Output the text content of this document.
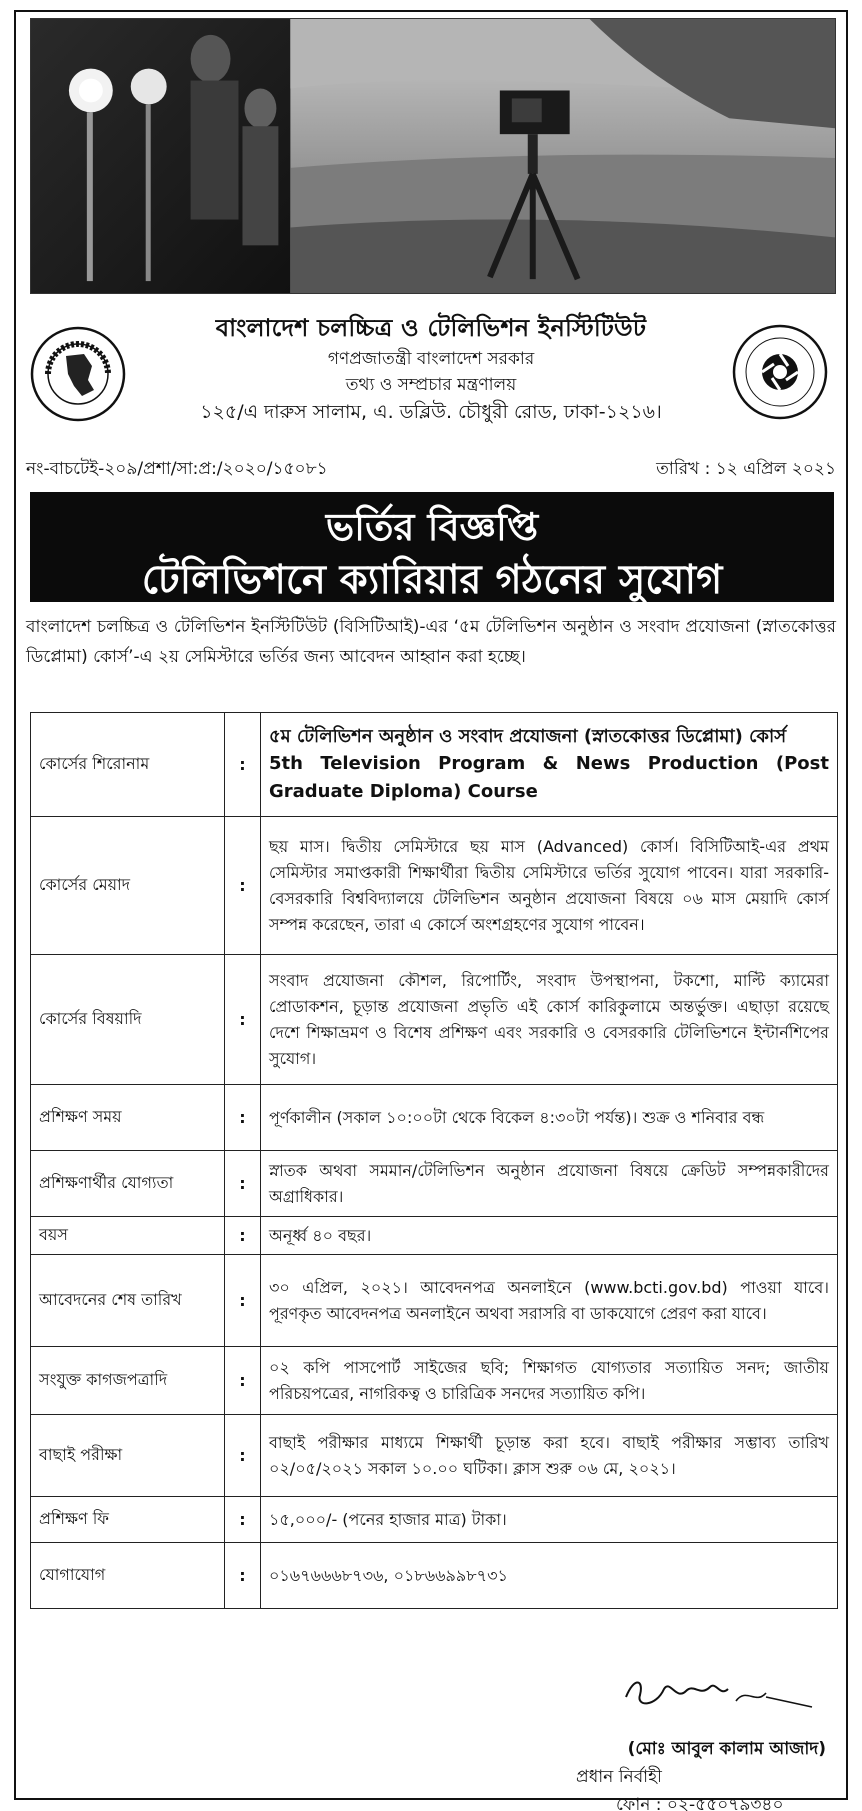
বাংলাদেশ চলচ্চিত্র ও টেলিভিশন ইনস্টিটিউট
গণপ্রজাতন্ত্রী বাংলাদেশ সরকার
তথ্য ও সম্প্রচার মন্ত্রণালয়
১২৫/এ দারুস সালাম, এ. ডব্লিউ. চৌধুরী রোড, ঢাকা-১২১৬।
নং-বাচটেই-২০৯/প্রশা/সা:প্র:/২০২০/১৫০৮১	তারিখ : ১২ এপ্রিল ২০২১
ভর্তির বিজ্ঞপ্তি
টেলিভিশনে ক্যারিয়ার গঠনের সুযোগ
বাংলাদেশ চলচ্চিত্র ও টেলিভিশন ইনস্টিটিউট (বিসিটিআই)-এর ‘৫ম টেলিভিশন অনুষ্ঠান ও সংবাদ প্রযোজনা (স্নাতকোত্তর ডিপ্লোমা) কোর্স’-এ ২য় সেমিস্টারে ভর্তির জন্য আবেদন আহ্বান করা হচ্ছে।
কোর্সের শিরোনাম	:	৫ম টেলিভিশন অনুষ্ঠান ও সংবাদ প্রযোজনা (স্নাতকোত্তর ডিপ্লোমা) কোর্স
5th Television Program & News Production (Post Graduate Diploma) Course

কোর্সের মেয়াদ	:	ছয় মাস। দ্বিতীয় সেমিস্টারে ছয় মাস (Advanced) কোর্স। বিসিটিআই-এর প্রথম সেমিস্টার সমাপ্তকারী শিক্ষার্থীরা দ্বিতীয় সেমিস্টারে ভর্তির সুযোগ পাবেন। যারা সরকারি-বেসরকারি বিশ্ববিদ্যালয়ে টেলিভিশন অনুষ্ঠান প্রযোজনা বিষয়ে ০৬ মাস মেয়াদি কোর্স সম্পন্ন করেছেন, তারা এ কোর্সে অংশগ্রহণের সুযোগ পাবেন।
কোর্সের বিষয়াদি	:	সংবাদ প্রযোজনা কৌশল, রিপোর্টিং, সংবাদ উপস্থাপনা, টকশো, মাল্টি ক্যামেরা প্রোডাকশন, চূড়ান্ত প্রযোজনা প্রভৃতি এই কোর্স কারিকুলামে অন্তর্ভুক্ত। এছাড়া রয়েছে দেশে শিক্ষাভ্রমণ ও বিশেষ প্রশিক্ষণ এবং সরকারি ও বেসরকারি টেলিভিশনে ইন্টার্নশিপের সুযোগ।
প্রশিক্ষণ সময়	:	পূর্ণকালীন (সকাল ১০:০০টা থেকে বিকেল ৪:৩০টা পর্যন্ত)। শুক্র ও শনিবার বন্ধ
প্রশিক্ষণার্থীর যোগ্যতা	:	স্নাতক অথবা সমমান/টেলিভিশন অনুষ্ঠান প্রযোজনা বিষয়ে ক্রেডিট সম্পন্নকারীদের অগ্রাধিকার।
বয়স	:	অনূর্ধ্ব ৪০ বছর।
আবেদনের শেষ তারিখ	:	৩০ এপ্রিল, ২০২১। আবেদনপত্র অনলাইনে (www.bcti.gov.bd) পাওয়া যাবে। পূরণকৃত আবেদনপত্র অনলাইনে অথবা সরাসরি বা ডাকযোগে প্রেরণ করা যাবে।
সংযুক্ত কাগজপত্রাদি	:	০২ কপি পাসপোর্ট সাইজের ছবি; শিক্ষাগত যোগ্যতার সত্যায়িত সনদ; জাতীয় পরিচয়পত্রের, নাগরিকত্ব ও চারিত্রিক সনদের সত্যায়িত কপি।
বাছাই পরীক্ষা	:	বাছাই পরীক্ষার মাধ্যমে শিক্ষার্থী চূড়ান্ত করা হবে। বাছাই পরীক্ষার সম্ভাব্য তারিখ ০২/০৫/২০২১ সকাল ১০.০০ ঘটিকা। ক্লাস শুরু ০৬ মে, ২০২১।
প্রশিক্ষণ ফি	:	১৫,০০০/- (পনের হাজার মাত্র) টাকা।
যোগাযোগ	:	০১৬৭৬৬৬৮৭৩৬, ০১৮৬৬৯৯৮৭৩১
(মোঃ আবুল কালাম আজাদ)
প্রধান নির্বাহী
ফোন : ০২-৫৫০৭৯৩৪০
